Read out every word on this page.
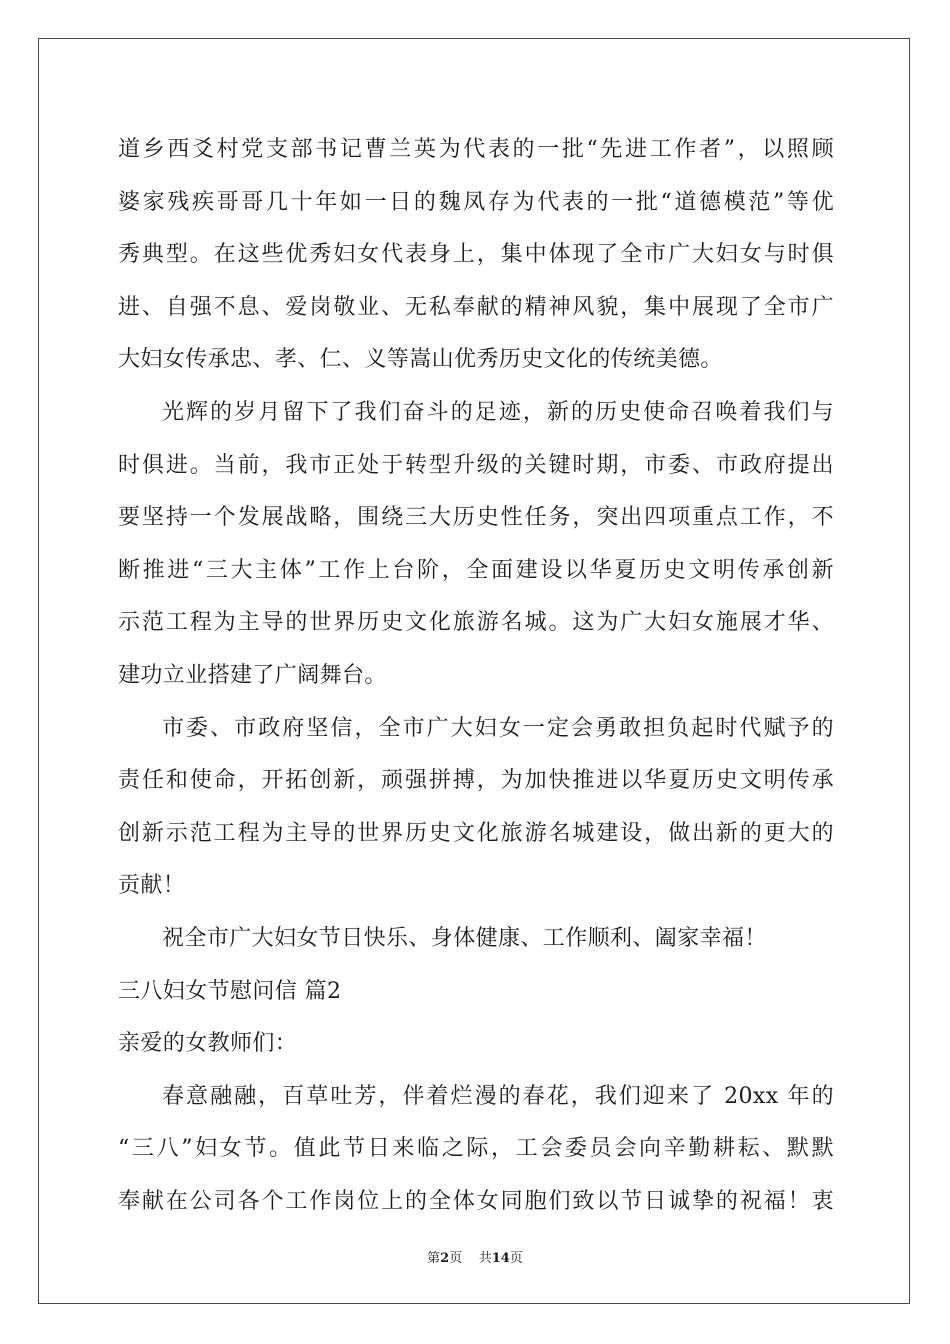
道乡西爻村党支部书记曹兰英为代表的一批“先进工作者”，以照顾
婆家残疾哥哥几十年如一日的魏凤存为代表的一批“道德模范”等优
秀典型。在这些优秀妇女代表身上，集中体现了全市广大妇女与时俱
进、自强不息、爱岗敬业、无私奉献的精神风貌，集中展现了全市广
大妇女传承忠、孝、仁、义等嵩山优秀历史文化的传统美德。
光辉的岁月留下了我们奋斗的足迹，新的历史使命召唤着我们与
时俱进。当前，我市正处于转型升级的关键时期，市委、市政府提出
要坚持一个发展战略，围绕三大历史性任务，突出四项重点工作，不
断推进“三大主体”工作上台阶，全面建设以华夏历史文明传承创新
示范工程为主导的世界历史文化旅游名城。这为广大妇女施展才华、
建功立业搭建了广阔舞台。
市委、市政府坚信，全市广大妇女一定会勇敢担负起时代赋予的
责任和使命，开拓创新，顽强拼搏，为加快推进以华夏历史文明传承
创新示范工程为主导的世界历史文化旅游名城建设，做出新的更大的
贡献！
祝全市广大妇女节日快乐、身体健康、工作顺利、阖家幸福！
三八妇女节慰问信 篇2
亲爱的女教师们：
春意融融，百草吐芳，伴着烂漫的春花，我们迎来了 20xx 年的
“三八”妇女节。值此节日来临之际，工会委员会向辛勤耕耘、默默
奉献在公司各个工作岗位上的全体女同胞们致以节日诚挚的祝福！衷
第2页 共14页
